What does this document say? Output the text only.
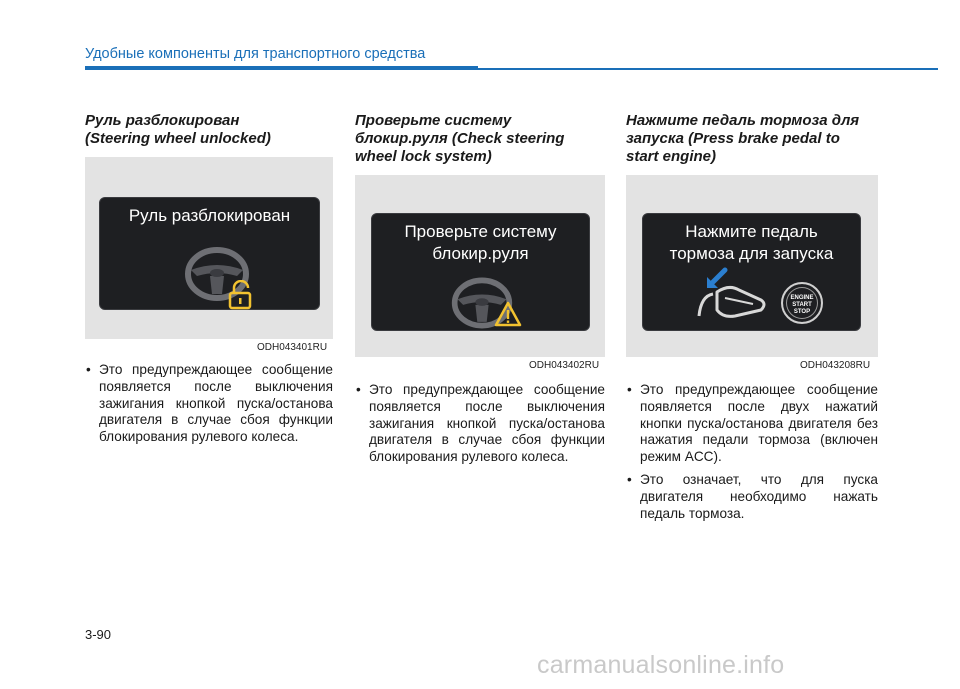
Удобные компоненты для транспортного средства
Руль разблокирован
(Steering wheel unlocked)
Руль разблокирован
ODH043401RU
• Это предупреждающее сообщение появляется после выключения зажигания кнопкой пуска/останова двигателя в случае сбоя функции блокирования рулевого колеса.
Проверьте систему
блокир.руля (Check steering
wheel lock system)
Проверьте систему
блокир.руля
ODH043402RU
• Это предупреждающее сообщение появляется после выключения зажигания кнопкой пуска/останова двигателя в случае сбоя функции блокирования рулевого колеса.
Нажмите педаль тормоза для
запуска (Press brake pedal to
start engine)
Нажмите педаль
тормоза для запуска
ENGINE
START
STOP
ODH043208RU
• Это предупреждающее сообщение появляется после двух нажатий кнопки пуска/останова двигателя без нажатия педали тормоза (включен режим ACC).
• Это означает, что для пуска двигателя необходимо нажать педаль тормоза.
3-90
carmanualsonline.info
